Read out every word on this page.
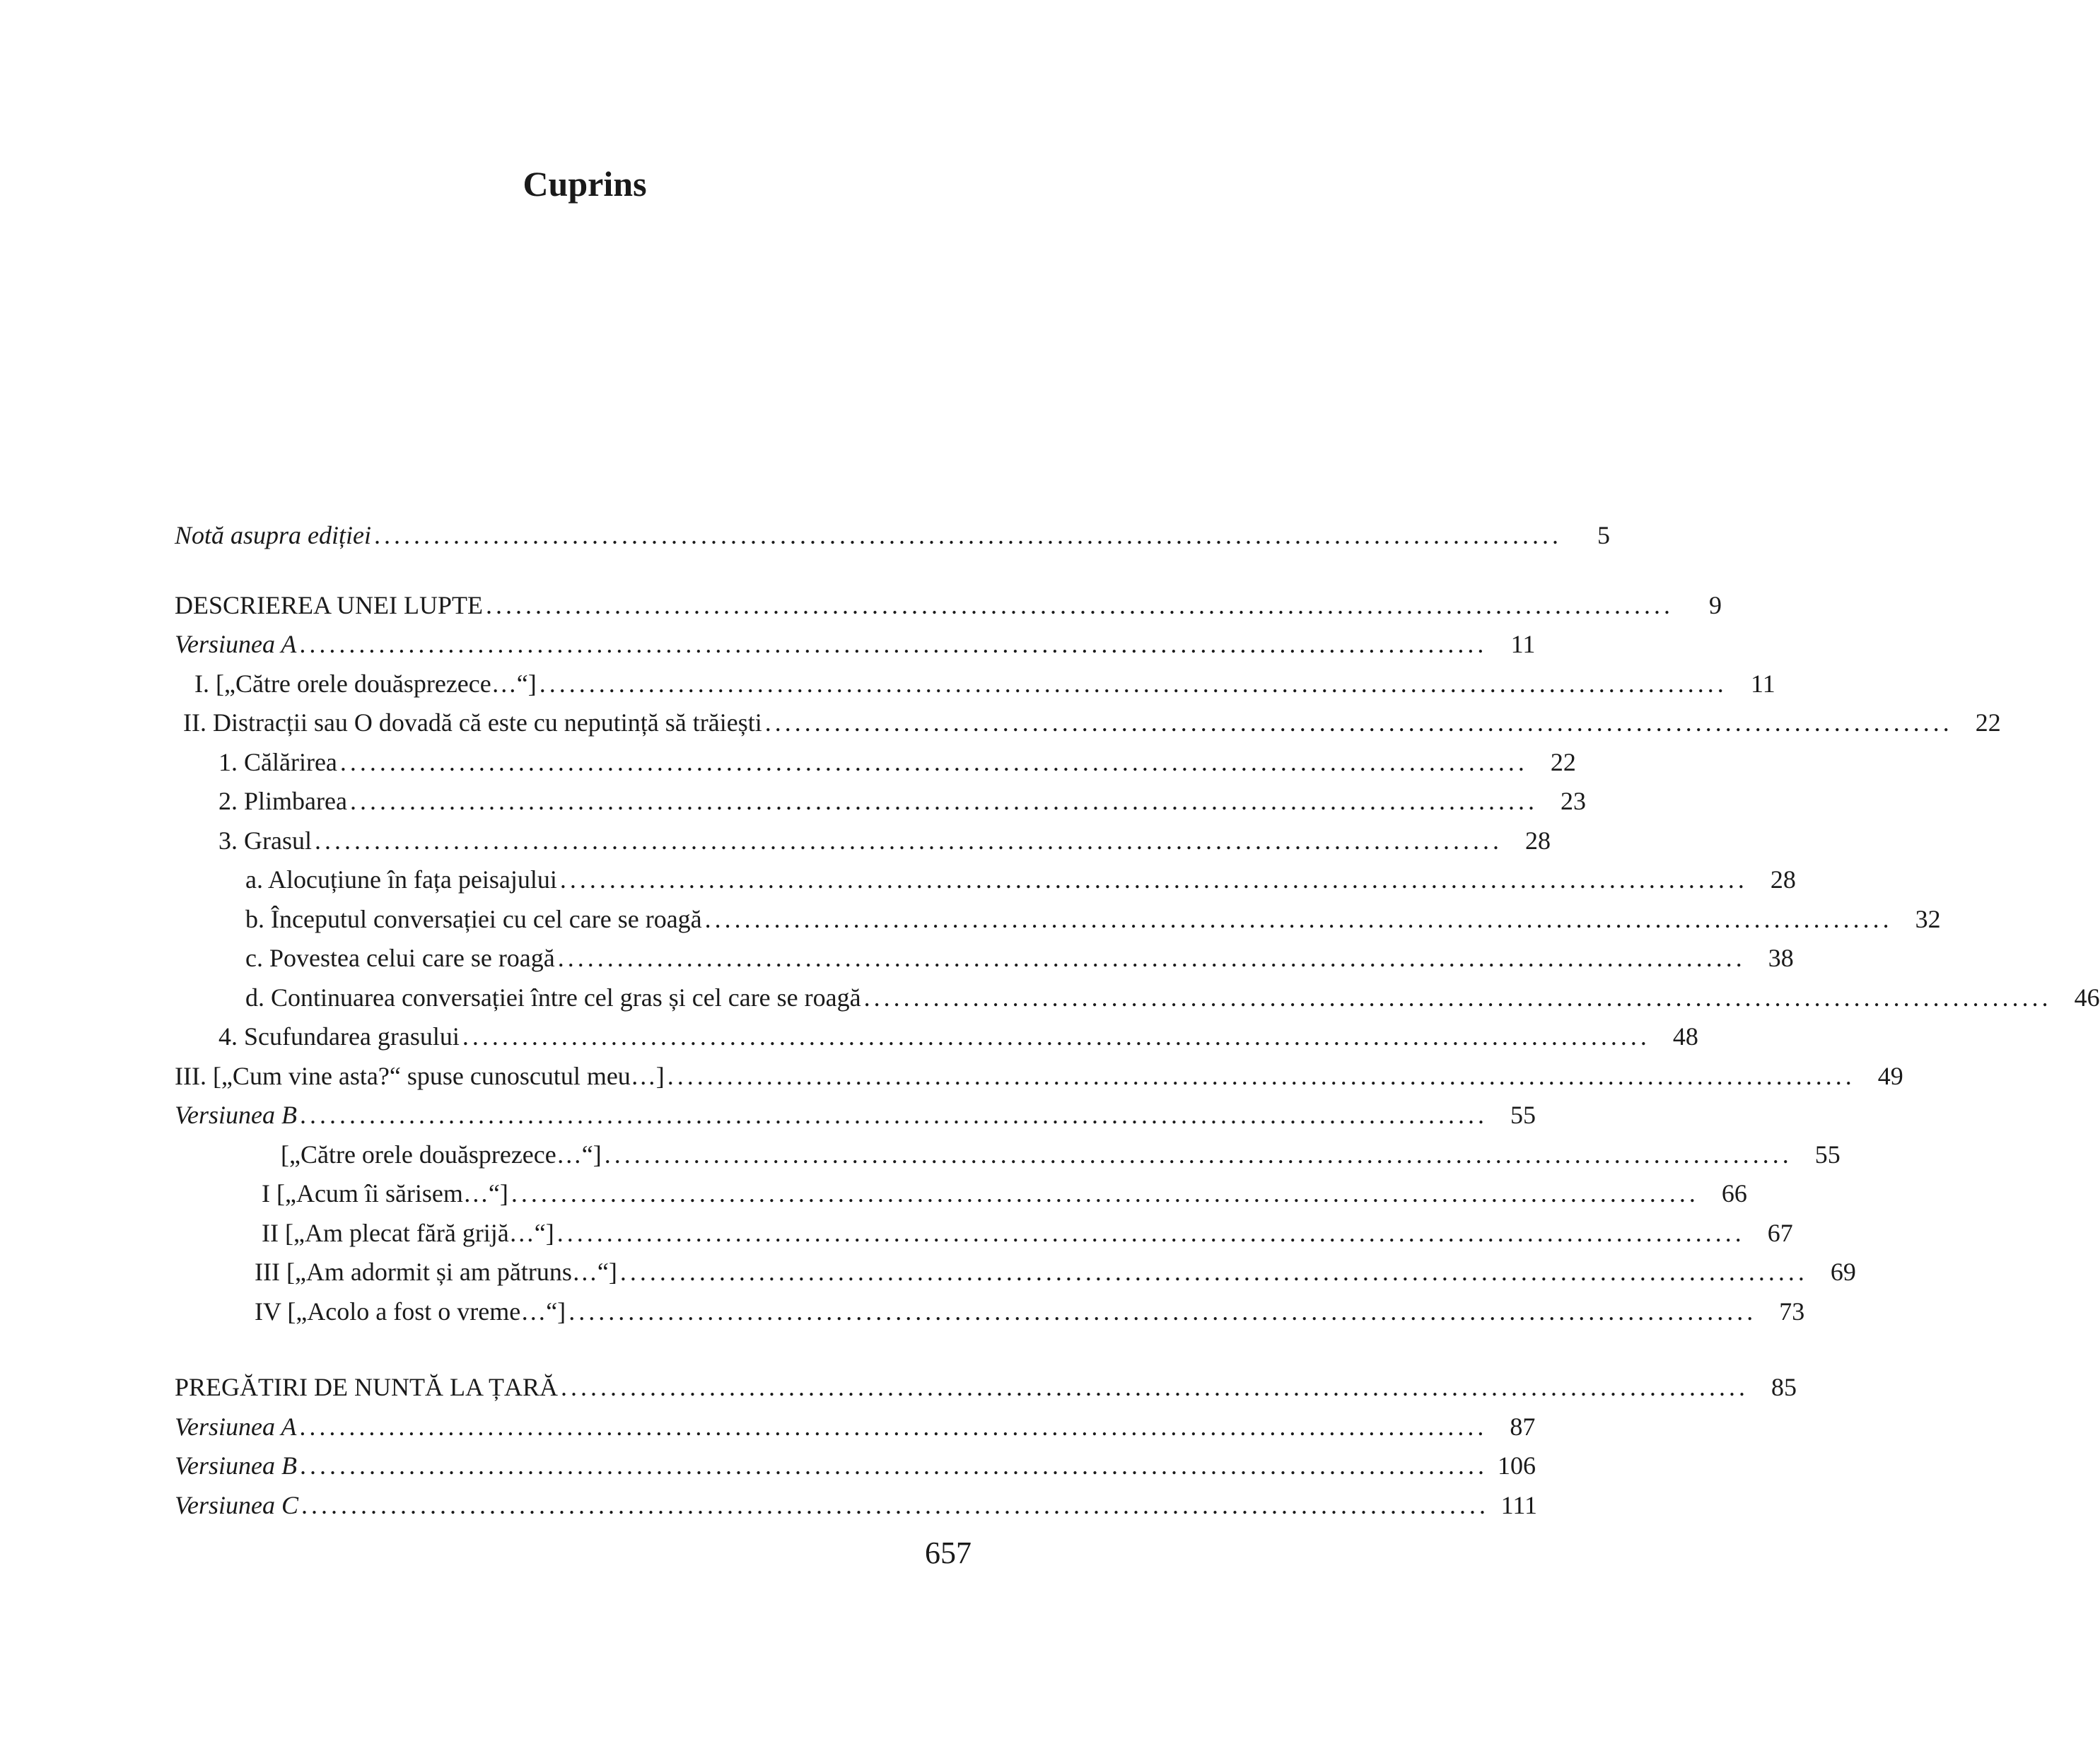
Cuprins
Notă asupra ediției ........................................................................................................................	5
DESCRIEREA UNEI LUPTE ........................................................................................................................	9
Versiunea A ........................................................................................................................ 11
I. [„Către orele douăsprezece…“] ........................................................................................................................ 11
II. Distracții sau O dovadă că este cu neputință să trăiești ........................................................................................................................ 22
1. Călărirea ........................................................................................................................ 22
2. Plimbarea ........................................................................................................................ 23
3. Grasul ........................................................................................................................ 28
a. Alocuțiune în fața peisajului ........................................................................................................................ 28
b. Începutul conversației cu cel care se roagă ........................................................................................................................ 32
c. Povestea celui care se roagă ........................................................................................................................ 38
d. Continuarea conversației între cel gras și cel care se roagă ........................................................................................................................ 46
4. Scufundarea grasului ........................................................................................................................ 48
III. [„Cum vine asta?“ spuse cunoscutul meu…] ........................................................................................................................ 49
Versiunea B ........................................................................................................................ 55
[„Către orele douăsprezece…“] ........................................................................................................................ 55
I [„Acum îi sărisem…“] ........................................................................................................................ 66
II [„Am plecat fără grijă…“] ........................................................................................................................ 67
III [„Am adormit și am pătruns…“] ........................................................................................................................ 69
IV [„Acolo a fost o vreme…“] ........................................................................................................................ 73
PREGĂTIRI DE NUNTĂ LA ȚARĂ ........................................................................................................................ 85
Versiunea A ........................................................................................................................ 87
Versiunea B ........................................................................................................................ 106
Versiunea C ........................................................................................................................ 111
657
